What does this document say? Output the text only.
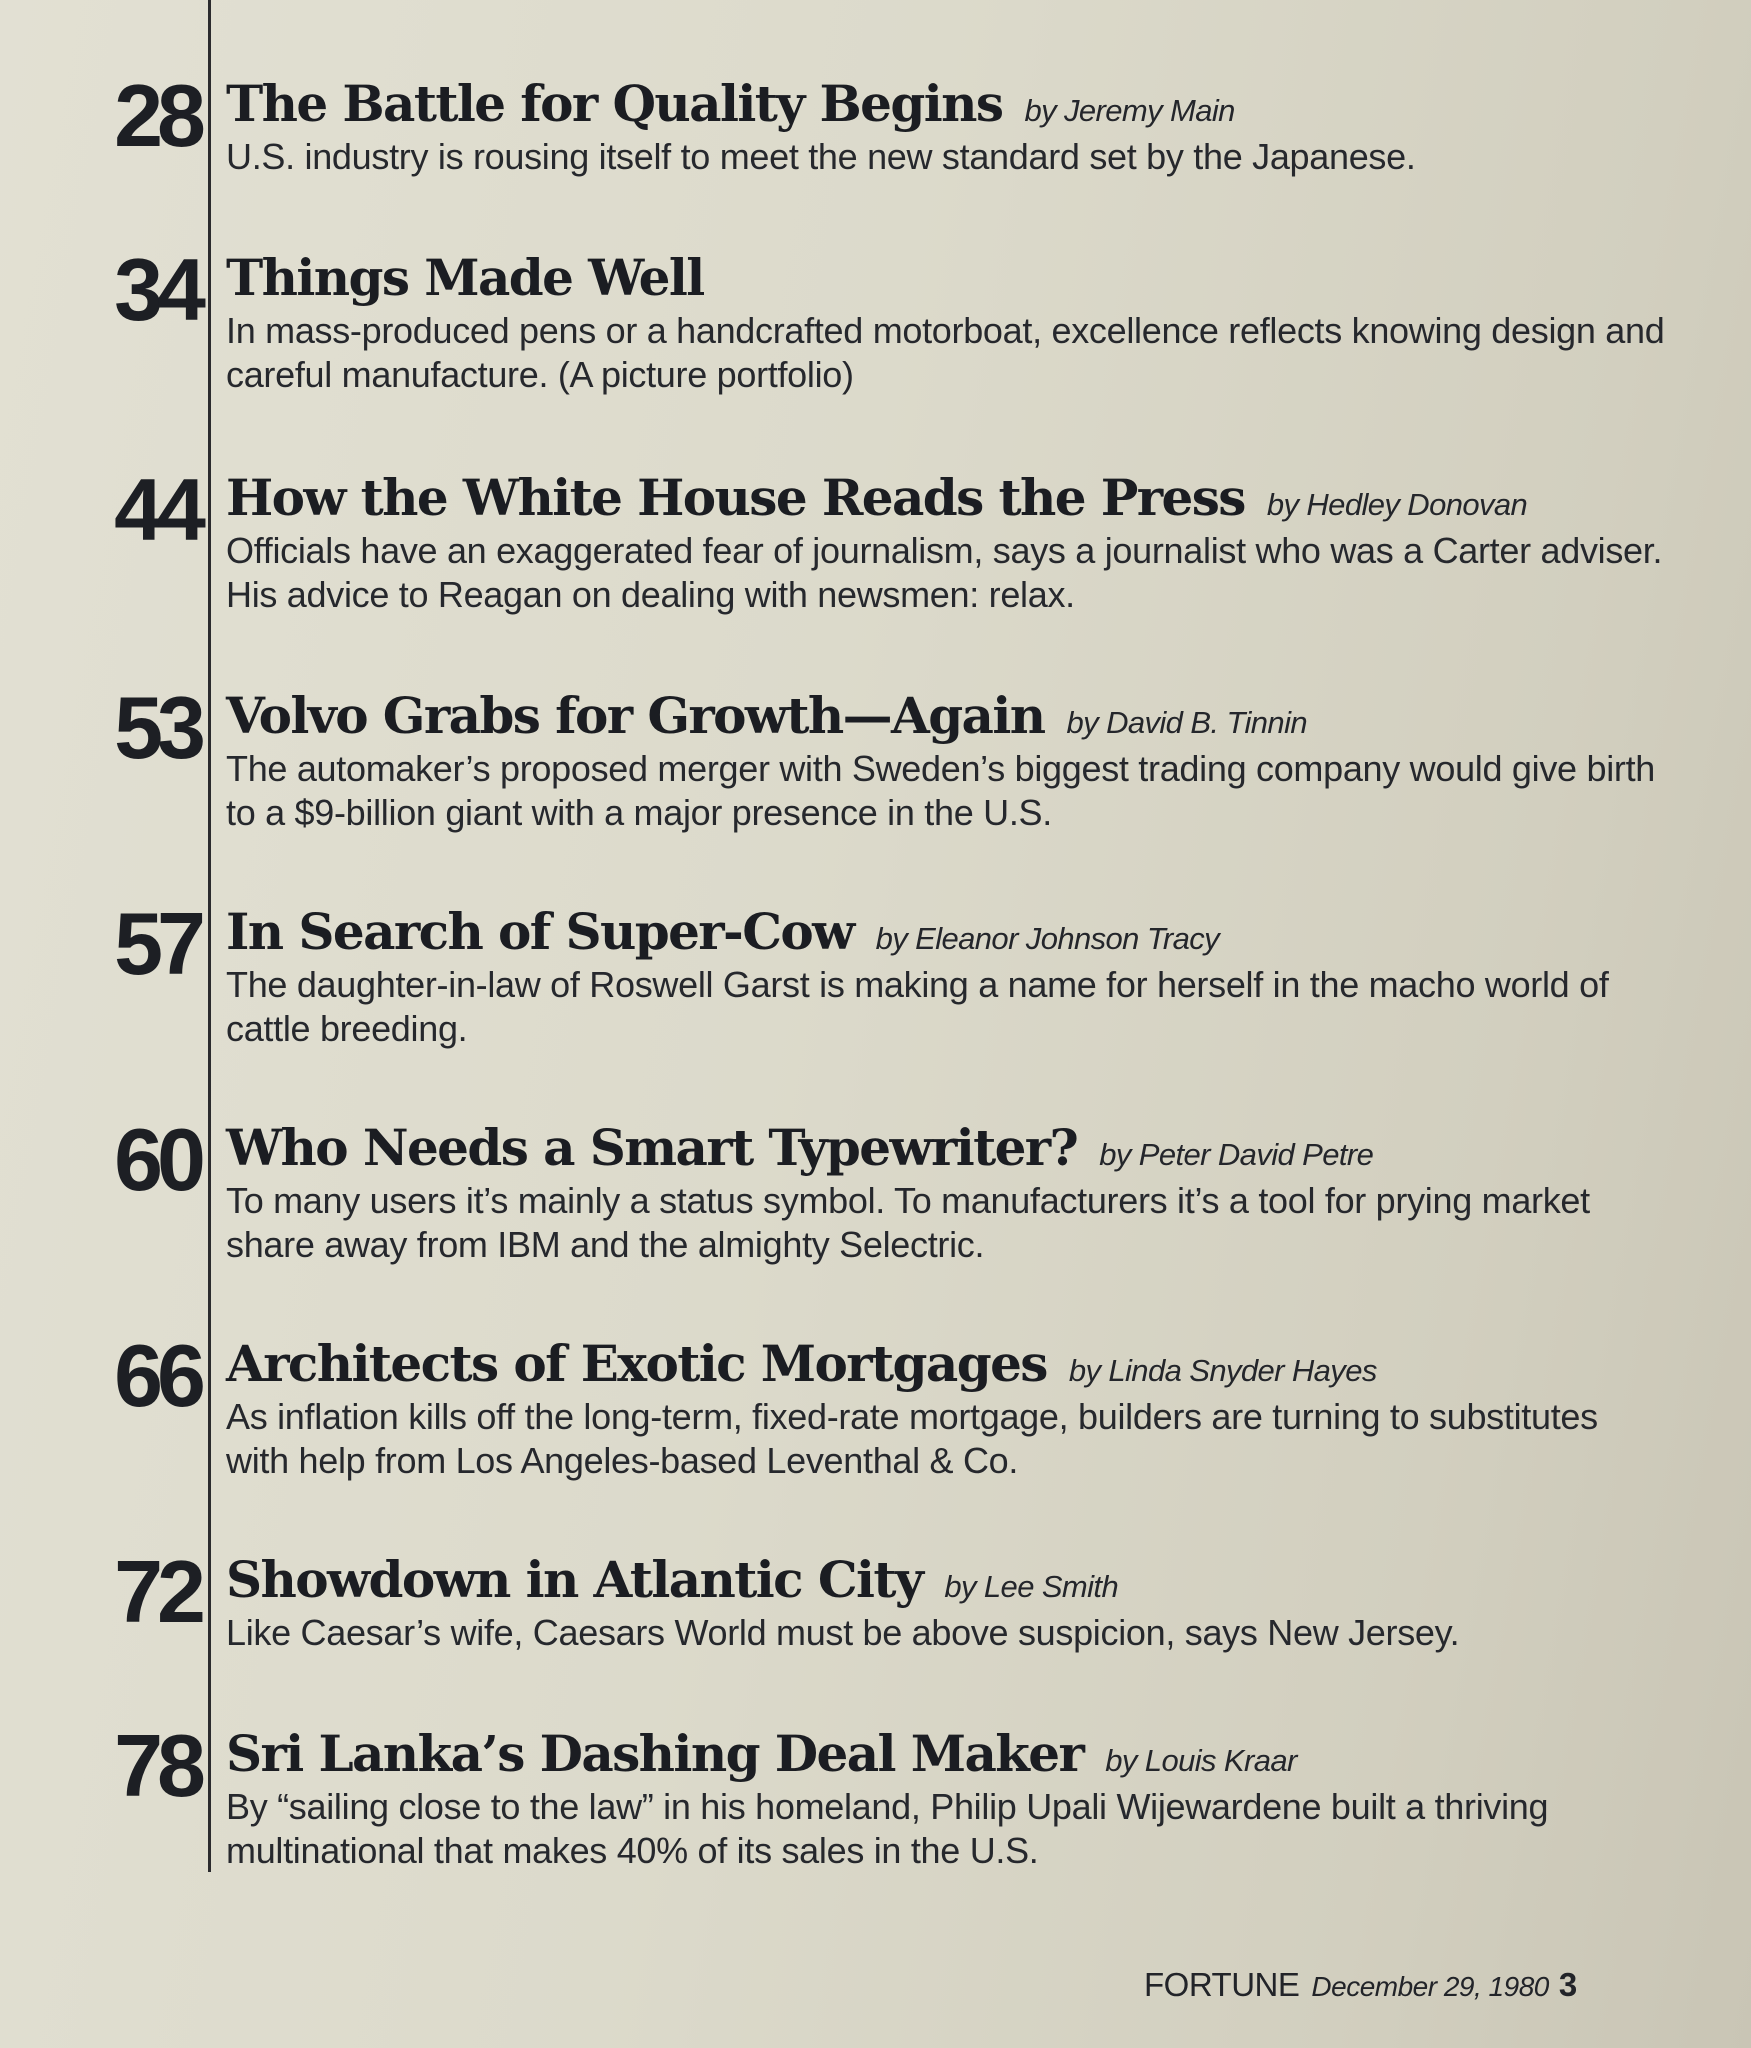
28 The Battle for Quality Begins by Jeremy Main

U.S. industry is rousing itself to meet the new standard set by the Japanese.

34 Things Made Well

In mass-produced pens or a handcrafted motorboat, excellence reflects knowing design and careful manufacture. (A picture portfolio)

44 How the White House Reads the Press by Hedley Donovan

Officials have an exaggerated fear of journalism, says a journalist who was a Carter adviser. His advice to Reagan on dealing with newsmen: relax.

53 Volvo Grabs for Growth—Again by David B. Tinnin

The automaker’s proposed merger with Sweden’s biggest trading company would give birth to a $9-billion giant with a major presence in the U.S.

57 In Search of Super-Cow by Eleanor Johnson Tracy

The daughter-in-law of Roswell Garst is making a name for herself in the macho world of cattle breeding.

60 Who Needs a Smart Typewriter? by Peter David Petre

To many users it’s mainly a status symbol. To manufacturers it’s a tool for prying market share away from IBM and the almighty Selectric.

66 Architects of Exotic Mortgages by Linda Snyder Hayes

As inflation kills off the long-term, fixed-rate mortgage, builders are turning to substitutes with help from Los Angeles-based Leventhal & Co.

72 Showdown in Atlantic City by Lee Smith

Like Caesar’s wife, Caesars World must be above suspicion, says New Jersey.

78 Sri Lanka’s Dashing Deal Maker by Louis Kraar

By “sailing close to the law” in his homeland, Philip Upali Wijewardene built a thriving multinational that makes 40% of its sales in the U.S.

FORTUNE December 29, 1980 3
